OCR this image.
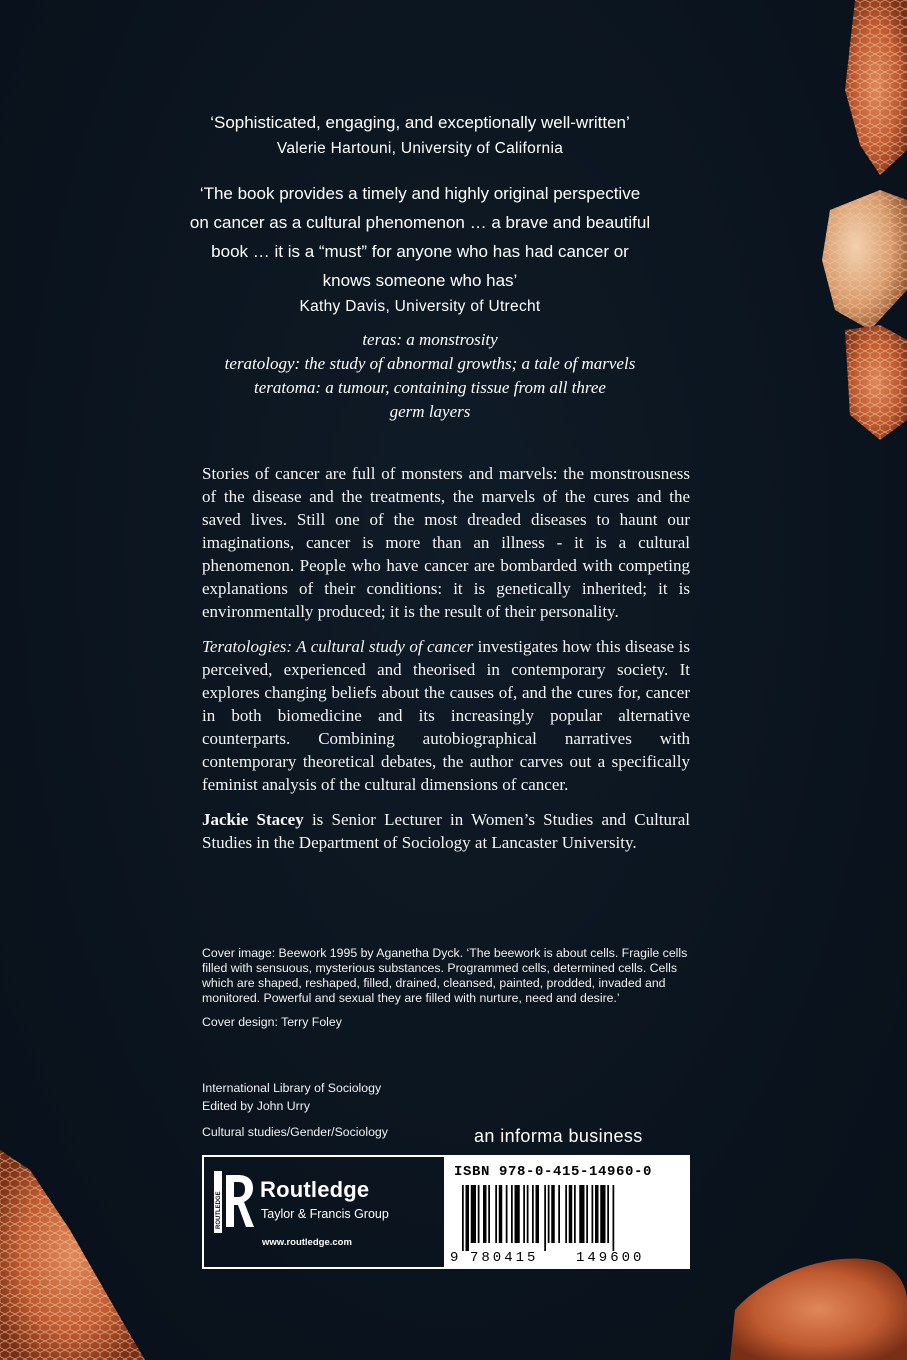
‘Sophisticated, engaging, and exceptionally well-written’

Valerie Hartouni, University of California

‘The book provides a timely and highly original perspective
on cancer as a cultural phenomenon … a brave and beautiful
book … it is a “must” for anyone who has had cancer or
knows someone who has’

Kathy Davis, University of Utrecht

teras: a monstrosity
teratology: the study of abnormal growths; a tale of marvels
teratoma: a tumour, containing tissue from all three
germ layers

Stories of cancer are full of monsters and marvels: the monstrousness of the disease and the treatments, the marvels of the cures and the saved lives. Still one of the most dreaded diseases to haunt our imaginations, cancer is more than an illness - it is a cultural phenomenon. People who have cancer are bombarded with competing explanations of their conditions: it is genetically inherited; it is environmentally produced; it is the result of their personality.

Teratologies: A cultural study of cancer investigates how this disease is perceived, experienced and theorised in contemporary society. It explores changing beliefs about the causes of, and the cures for, cancer in both biomedicine and its increasingly popular alternative counterparts. Combining autobiographical narratives with contemporary theoretical debates, the author carves out a specifically feminist analysis of the cultural dimensions of cancer.

Jackie Stacey is Senior Lecturer in Women’s Studies and Cultural Studies in the Department of Sociology at Lancaster University.

Cover image: Beework 1995 by Aganetha Dyck. ‘The beework is about cells. Fragile cells filled with sensuous, mysterious substances. Programmed cells, determined cells. Cells which are shaped, reshaped, filled, drained, cleansed, painted, prodded, invaded and monitored. Powerful and sexual they are filled with nurture, need and desire.’

Cover design: Terry Foley

International Library of Sociology
Edited by John Urry
Cultural studies/Gender/Sociology	an informa business
ROUTLEDGE
Routledge
Taylor & Francis Group
www.routledge.com
ISBN 978-0-415-14960-0
9 780415	149600
